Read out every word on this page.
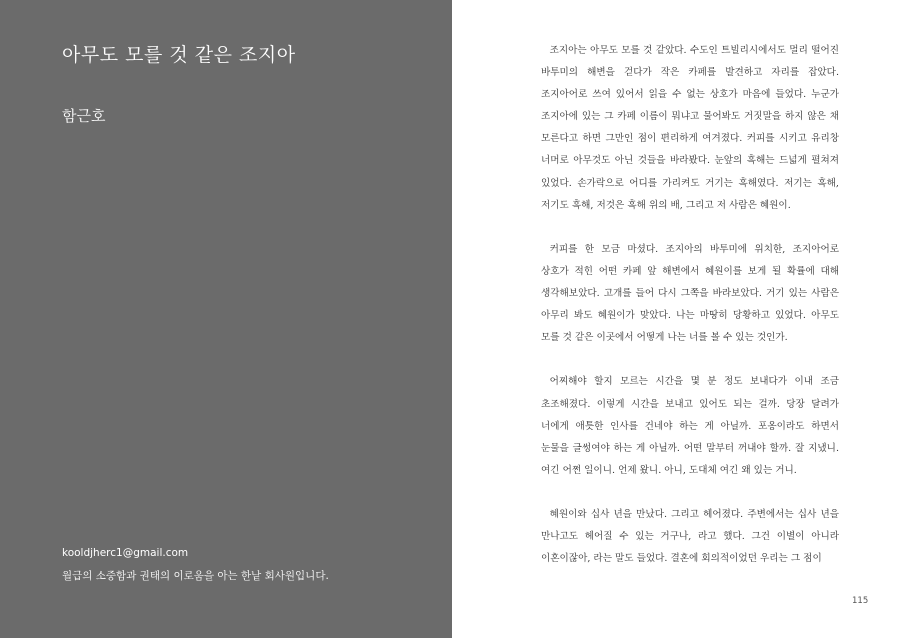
아무도 모를 것 같은 조지아
함근호
kooldjherc1@gmail.com
월급의 소중함과 권태의 이로움을 아는 한낱 회사원입니다.

조지아는 아무도 모를 것 같았다. 수도인 트빌리시에서도 멀리 떨어진 바투미의 해변을 걷다가 작은 카페를 발견하고 자리를 잡았다. 조지아어로 쓰여 있어서 읽을 수 없는 상호가 마음에 들었다. 누군가 조지아에 있는 그 카페 이름이 뭐냐고 물어봐도 거짓말을 하지 않은 채 모른다고 하면 그만인 점이 편리하게 여겨졌다. 커피를 시키고 유리창 너머로 아무것도 아닌 것들을 바라봤다. 눈앞의 흑해는 드넓게 펼쳐져 있었다. 손가락으로 어디를 가리켜도 거기는 흑해였다. 저기는 흑해, 저기도 흑해, 저것은 흑해 위의 배, 그리고 저 사람은 혜원이.

커피를 한 모금 마셨다. 조지아의 바투미에 위치한, 조지아어로 상호가 적힌 어떤 카페 앞 해변에서 혜원이를 보게 될 확률에 대해 생각해보았다. 고개를 들어 다시 그쪽을 바라보았다. 거기 있는 사람은 아무리 봐도 혜원이가 맞았다. 나는 마땅히 당황하고 있었다. 아무도 모를 것 같은 이곳에서 어떻게 나는 너를 볼 수 있는 것인가.

어찌해야 할지 모르는 시간을 몇 분 정도 보내다가 이내 조금 초조해졌다. 이렇게 시간을 보내고 있어도 되는 걸까. 당장 달려가 너에게 애틋한 인사를 건네야 하는 게 아닐까. 포옹이라도 하면서 눈물을 글썽여야 하는 게 아닐까. 어떤 말부터 꺼내야 할까. 잘 지냈니. 여긴 어쩐 일이니. 언제 왔니. 아니, 도대체 여긴 왜 있는 거니.

혜원이와 십사 년을 만났다. 그리고 헤어졌다. 주변에서는 십사 년을 만나고도 헤어질 수 있는 거구나, 라고 했다. 그건 이별이 아니라 이혼이잖아, 라는 말도 들었다. 결혼에 회의적이었던 우리는 그 점이

115
